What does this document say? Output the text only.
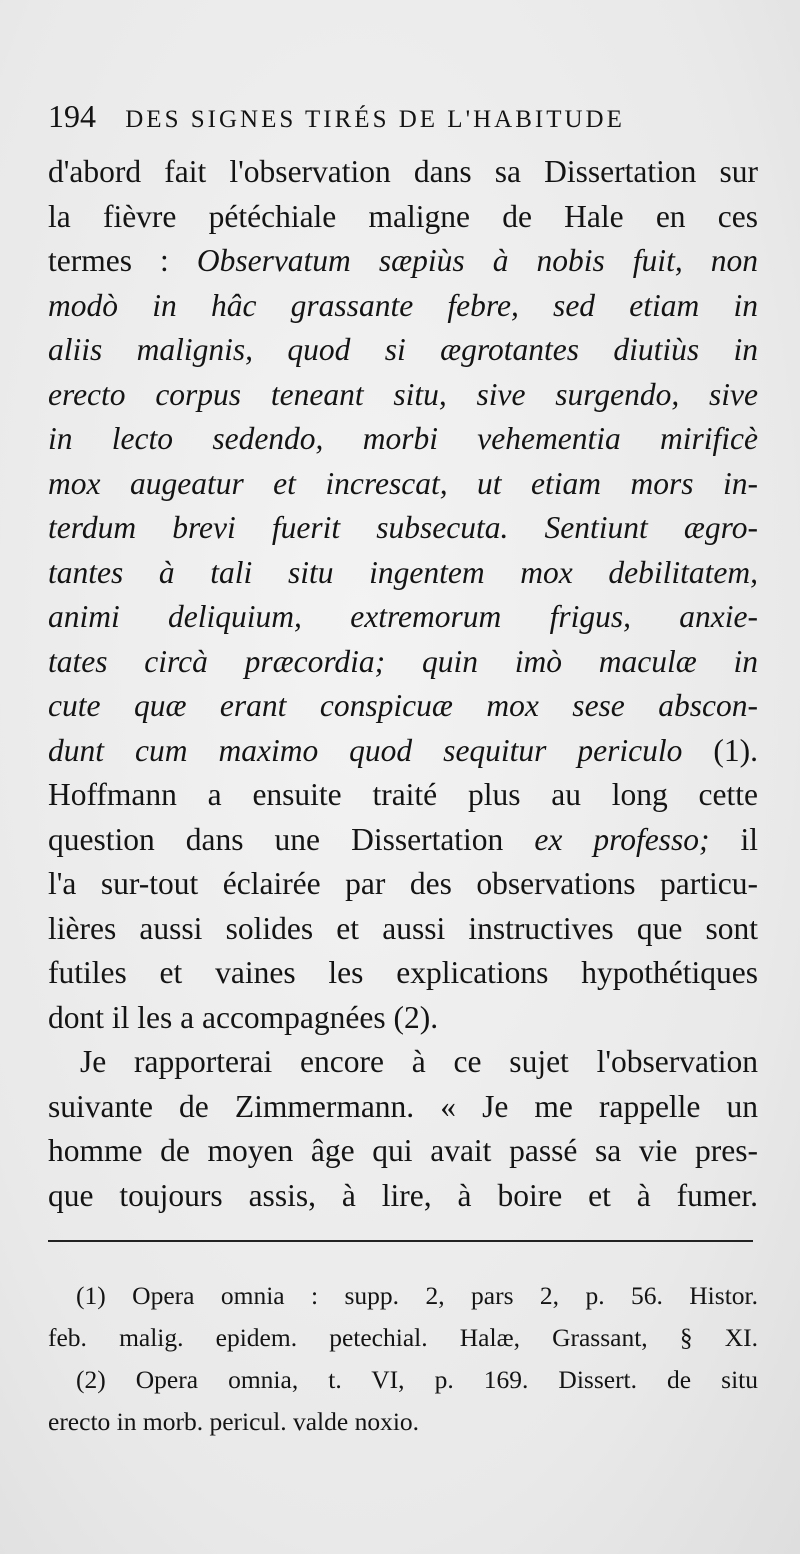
194 DES SIGNES TIRÉS DE L'HABITUDE
d'abord fait l'observation dans sa Dissertation sur
la fièvre pétéchiale maligne de Hale en ces
termes : Observatum sæpiùs à nobis fuit, non
modò in hâc grassante febre, sed etiam in
aliis malignis, quod si ægrotantes diutiùs in
erecto corpus teneant situ, sive surgendo, sive
in lecto sedendo, morbi vehementia mirificè
mox augeatur et increscat, ut etiam mors in-
terdum brevi fuerit subsecuta. Sentiunt ægro-
tantes à tali situ ingentem mox debilitatem,
animi deliquium, extremorum frigus, anxie-
tates circà præcordia; quin imò maculæ in
cute quæ erant conspicuæ mox sese abscon-
dunt cum maximo quod sequitur periculo (1).
Hoffmann a ensuite traité plus au long cette
question dans une Dissertation ex professo; il
l'a sur-tout éclairée par des observations particu-
lières aussi solides et aussi instructives que sont
futiles et vaines les explications hypothétiques
dont il les a accompagnées (2).
Je rapporterai encore à ce sujet l'observation
suivante de Zimmermann. « Je me rappelle un
homme de moyen âge qui avait passé sa vie pres-
que toujours assis, à lire, à boire et à fumer.
(1) Opera omnia : supp. 2, pars 2, p. 56. Histor.
feb. malig. epidem. petechial. Halæ, Grassant, § XI.
(2) Opera omnia, t. VI, p. 169. Dissert. de situ
erecto in morb. pericul. valde noxio.
